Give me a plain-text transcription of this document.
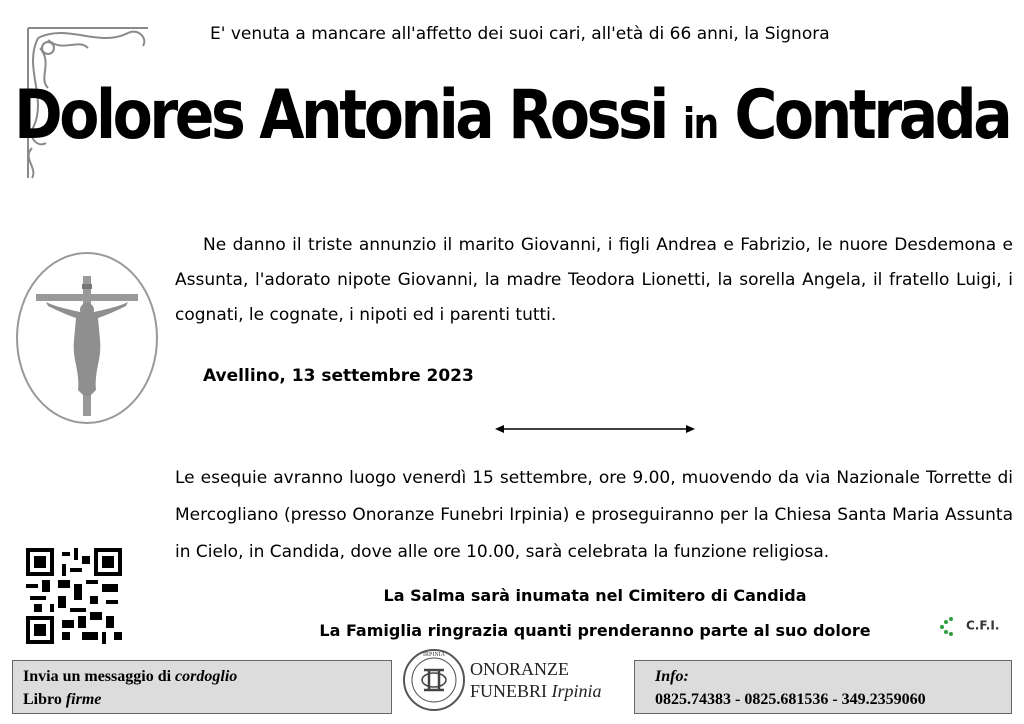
E' venuta a mancare all'affetto dei suoi cari, all'età di 66 anni, la Signora
Dolores Antonia Rossi in Contrada
Ne danno il triste annunzio il marito Giovanni, i figli Andrea e Fabrizio, le nuore Desdemona e Assunta, l'adorato nipote Giovanni, la madre Teodora Lionetti, la sorella Angela, il fratello Luigi, i cognati, le cognate, i nipoti ed i parenti tutti.
Avellino, 13 settembre 2023
Le esequie avranno luogo venerdì 15 settembre, ore 9.00, muovendo da via Nazionale Torrette di Mercogliano (presso Onoranze Funebri Irpinia) e proseguiranno per la Chiesa Santa Maria Assunta in Cielo, in Candida, dove alle ore 10.00, sarà celebrata la funzione religiosa.
La Salma sarà inumata nel Cimitero di Candida
La Famiglia ringrazia quanti prenderanno parte al suo dolore	C.F.I.
Invia un messaggio di cordoglio
Libro firme
IRPINIA
ONORANZE
FUNEBRI Irpinia
Info:
0825.74383 - 0825.681536 - 349.2359060
